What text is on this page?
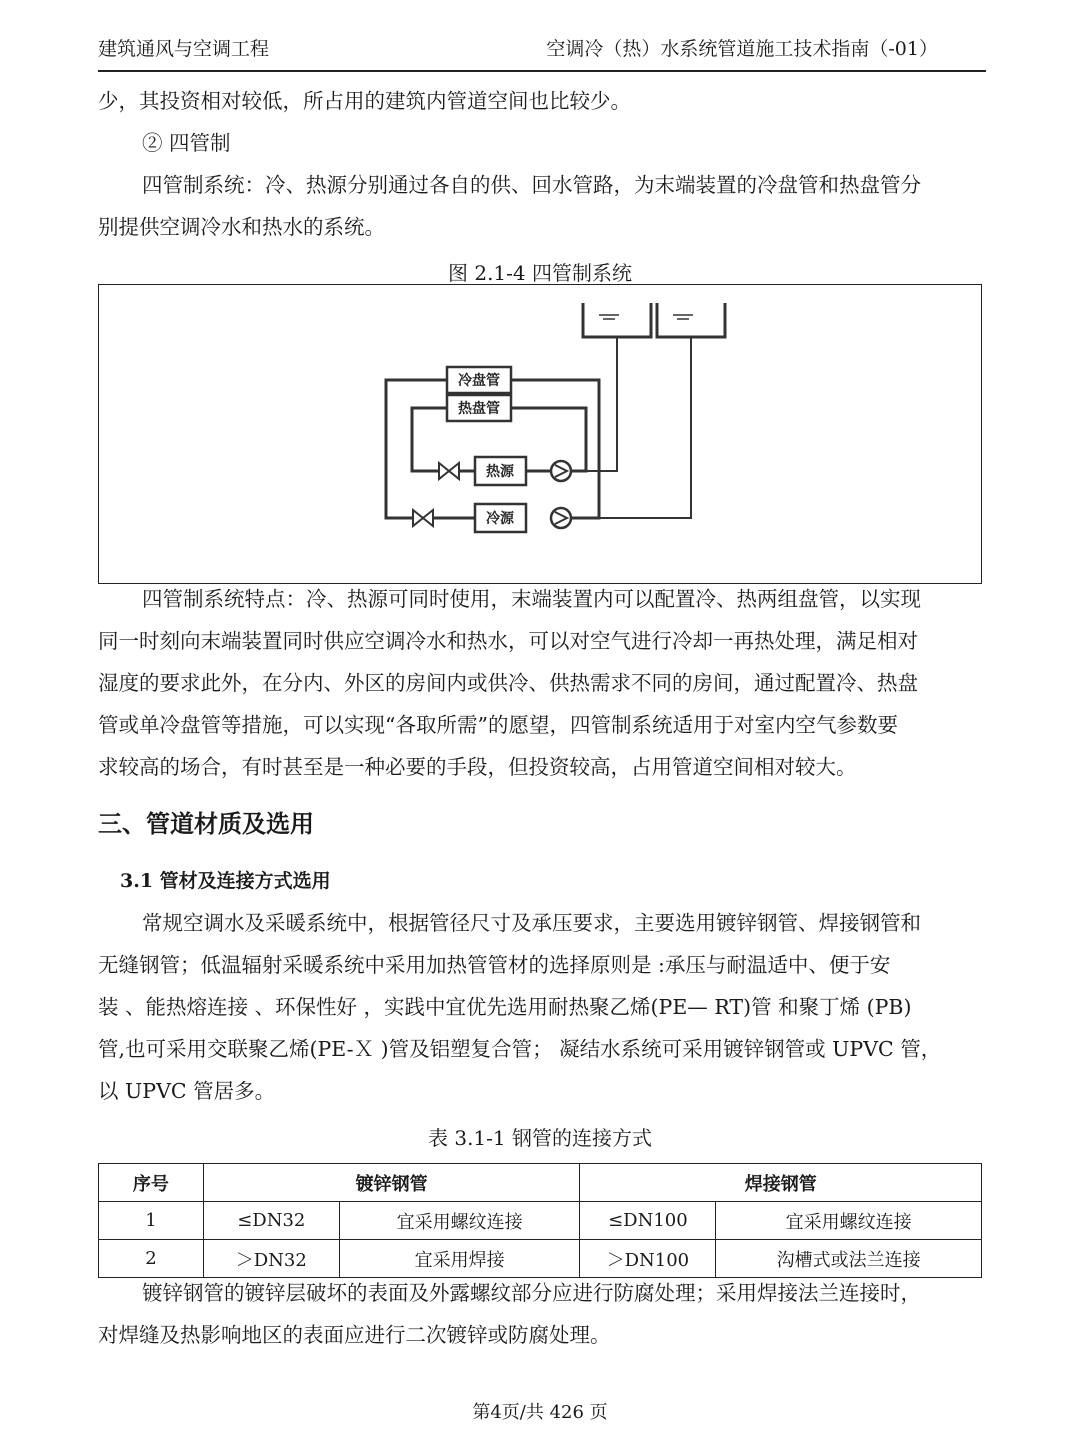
建筑通风与空调工程	空调冷（热）水系统管道施工技术指南（-01）
少，其投资相对较低，所占用的建筑内管道空间也比较少。
② 四管制
四管制系统：冷、热源分别通过各自的供、回水管路，为末端装置的冷盘管和热盘管分
别提供空调冷水和热水的系统。
图 2.1-4 四管制系统
冷盘管
热盘管
热源
冷源
四管制系统特点：冷、热源可同时使用，末端装置内可以配置冷、热两组盘管，以实现
同一时刻向末端装置同时供应空调冷水和热水，可以对空气进行冷却一再热处理，满足相对
湿度的要求此外，在分内、外区的房间内或供冷、供热需求不同的房间，通过配置冷、热盘
管或单冷盘管等措施，可以实现“各取所需”的愿望，四管制系统适用于对室内空气参数要
求较高的场合，有时甚至是一种必要的手段，但投资较高，占用管道空间相对较大。
三、管道材质及选用
3.1 管材及连接方式选用
常规空调水及采暖系统中，根据管径尺寸及承压要求，主要选用镀锌钢管、焊接钢管和
无缝钢管；低温辐射采暖系统中采用加热管管材的选择原则是 :承压与耐温适中、便于安
装 、能热熔连接 、环保性好 ，实践中宜优先选用耐热聚乙烯(PE— RT)管 和聚丁烯 (PB)
管,也可采用交联聚乙烯(PE-Ｘ )管及铝塑复合管； 凝结水系统可采用镀锌钢管或 UPVC 管，
以 UPVC 管居多。
表 3.1-1 钢管的连接方式
序号	镀锌钢管		焊接钢管	
1	≤DN32	宜采用螺纹连接	≤DN100	宜采用螺纹连接
2	＞DN32	宜采用焊接	＞DN100	沟槽式或法兰连接
镀锌钢管的镀锌层破坏的表面及外露螺纹部分应进行防腐处理；采用焊接法兰连接时，
对焊缝及热影响地区的表面应进行二次镀锌或防腐处理。
第4页/共 426 页
